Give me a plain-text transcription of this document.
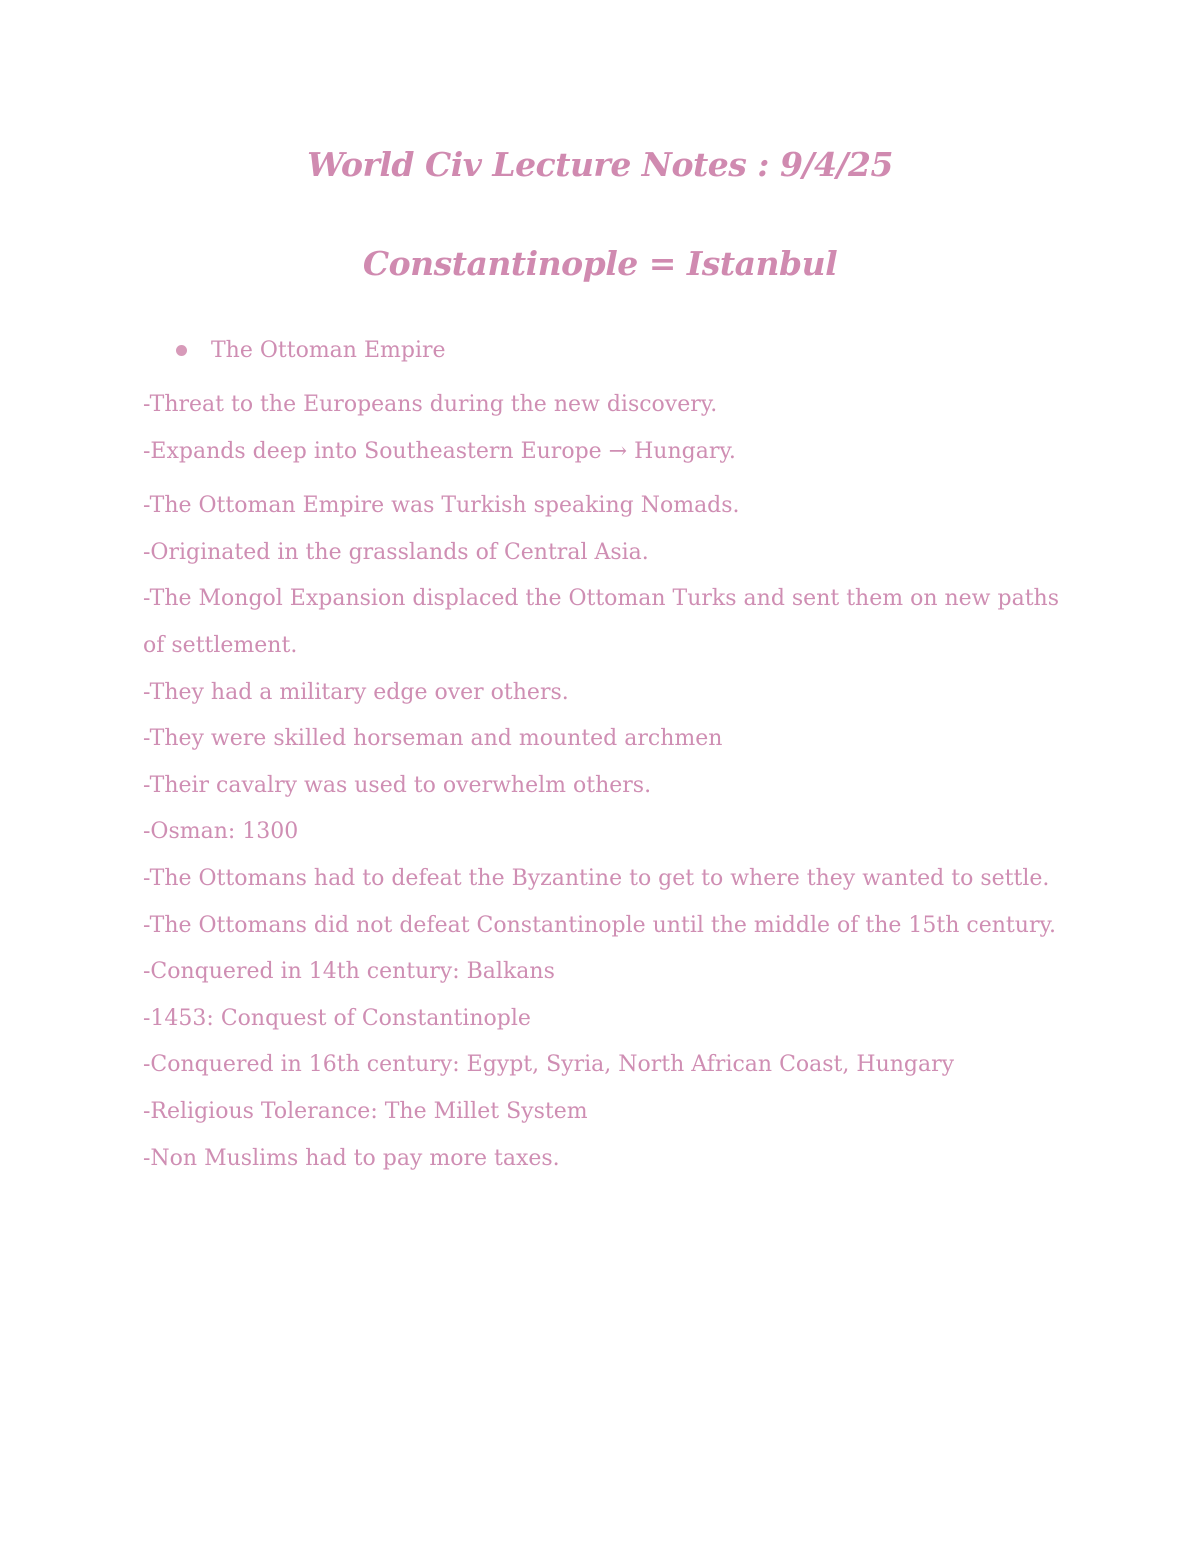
World Civ Lecture Notes : 9/4/25
Constantinople = Istanbul
The Ottoman Empire

-Threat to the Europeans during the new discovery.

-Expands deep into Southeastern Europe → Hungary.

-The Ottoman Empire was Turkish speaking Nomads.

-Originated in the grasslands of Central Asia.

-The Mongol Expansion displaced the Ottoman Turks and sent them on new paths of settlement.

-They had a military edge over others.

-They were skilled horseman and mounted archmen

-Their cavalry was used to overwhelm others.

-Osman: 1300

-The Ottomans had to defeat the Byzantine to get to where they wanted to settle.

-The Ottomans did not defeat Constantinople until the middle of the 15th century.

-Conquered in 14th century: Balkans

-1453: Conquest of Constantinople

-Conquered in 16th century: Egypt, Syria, North African Coast, Hungary

-Religious Tolerance: The Millet System

-Non Muslims had to pay more taxes.
